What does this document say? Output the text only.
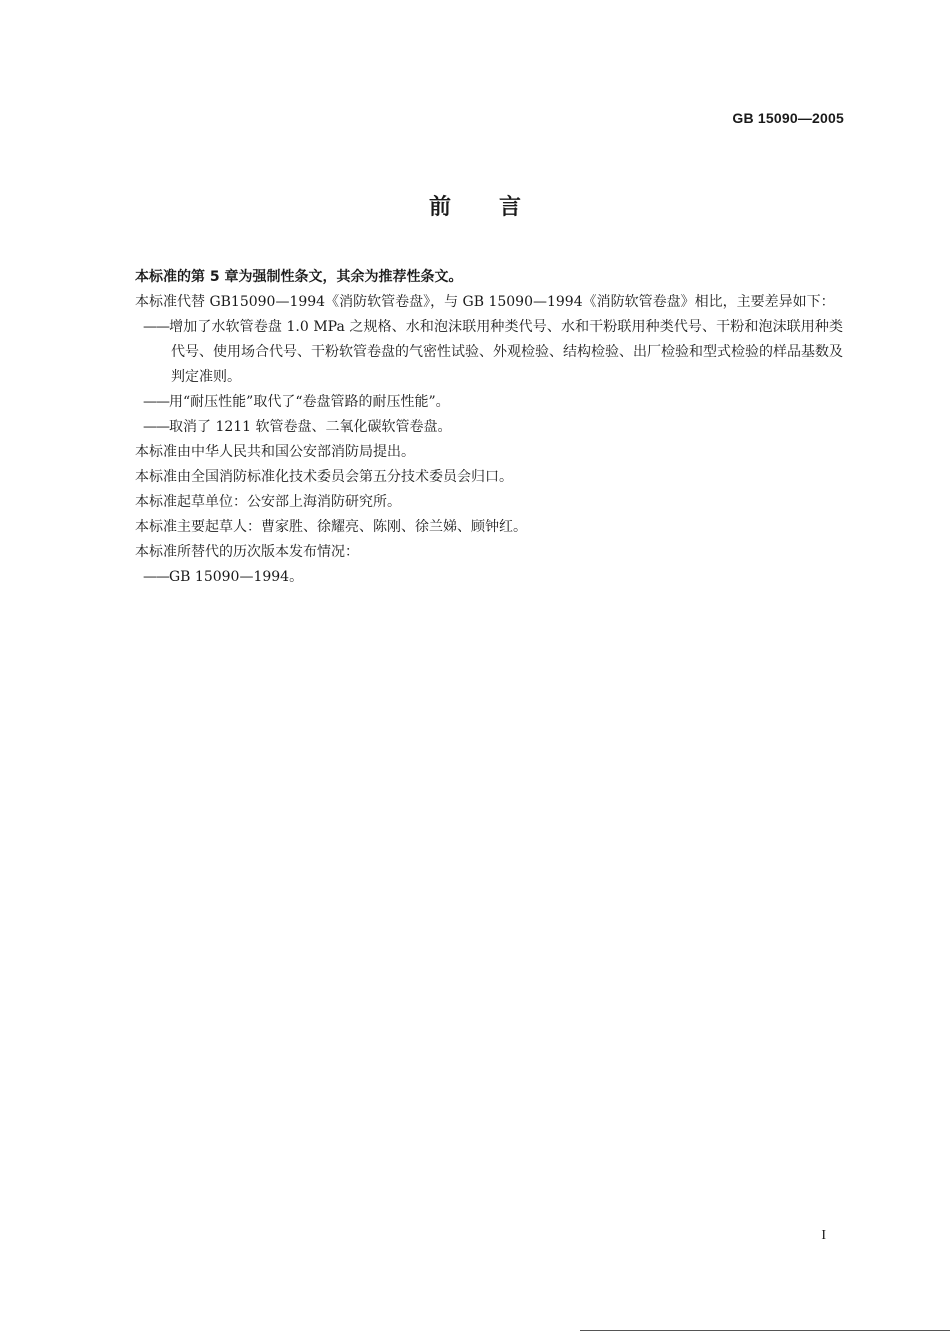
GB 15090—2005
前 言

本标准的第 5 章为强制性条文，其余为推荐性条文。

本标准代替 GB15090—1994《消防软管卷盘》，与 GB 15090—1994《消防软管卷盘》相比，主要差异如下：

——增加了水软管卷盘 1.0 MPa 之规格、水和泡沫联用种类代号、水和干粉联用种类代号、干粉和泡沫联用种类代号、使用场合代号、干粉软管卷盘的气密性试验、外观检验、结构检验、出厂检验和型式检验的样品基数及判定准则。

——用“耐压性能”取代了“卷盘管路的耐压性能”。

——取消了 1211 软管卷盘、二氧化碳软管卷盘。

本标准由中华人民共和国公安部消防局提出。

本标准由全国消防标准化技术委员会第五分技术委员会归口。

本标准起草单位：公安部上海消防研究所。

本标准主要起草人：曹家胜、徐耀亮、陈刚、徐兰娣、顾钟红。

本标准所替代的历次版本发布情况：

——GB 15090—1994。

I
